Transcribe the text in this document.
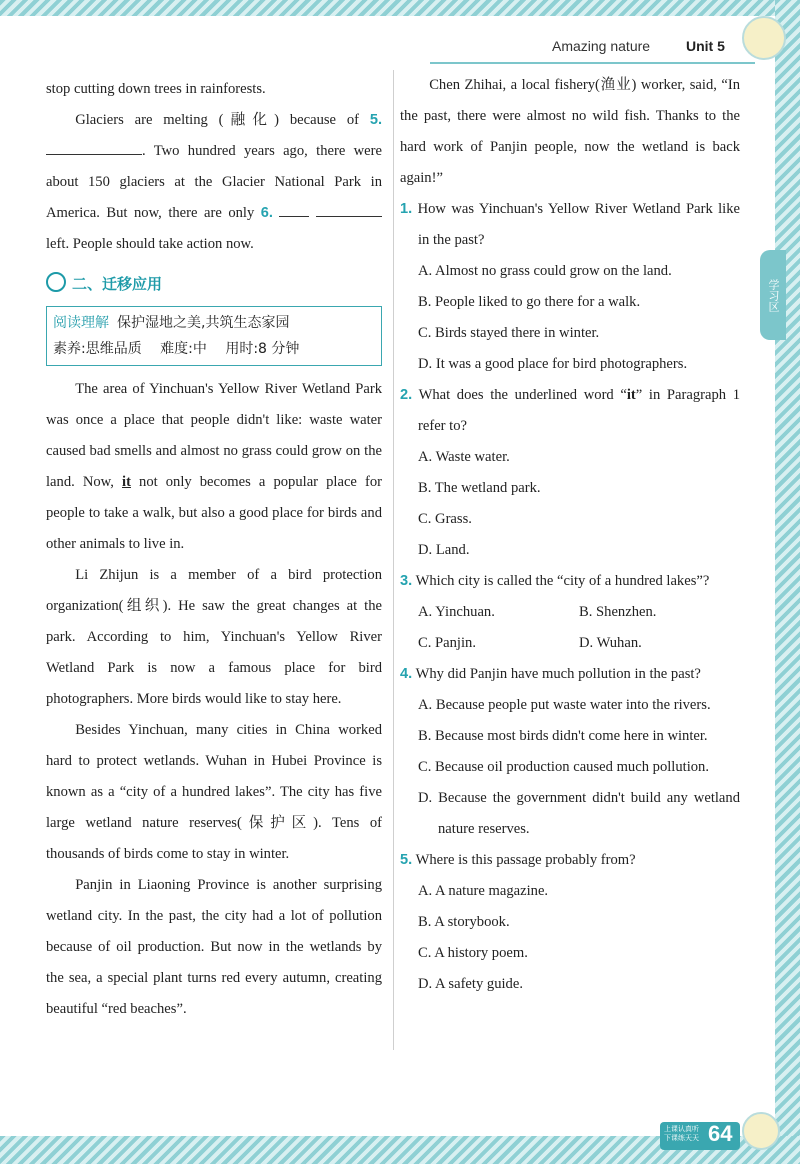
学习区
Amazing nature	Unit 5

stop cutting down trees in rainforests.

Glaciers are melting (融化) because of 5.. Two hundred years ago, there were about 150 glaciers at the Glacier National Park in America. But now, there are only 6.   left. People should take action now.

二、迁移应用
阅读理解 保护湿地之美,共筑生态家园
素养:思维品质　 难度:中　 用时:8 分钟

The area of Yinchuan's Yellow River Wetland Park was once a place that people didn't like: waste water caused bad smells and almost no grass could grow on the land. Now, it not only becomes a popular place for people to take a walk, but also a good place for birds and other animals to live in.

Li Zhijun is a member of a bird protection organization(组织). He saw the great changes at the park. According to him, Yinchuan's Yellow River Wetland Park is now a famous place for bird photographers. More birds would like to stay here.

Besides Yinchuan, many cities in China worked hard to protect wetlands. Wuhan in Hubei Province is known as a “city of a hundred lakes”. The city has five large wetland nature reserves(保护区). Tens of thousands of birds come to stay in winter.

Panjin in Liaoning Province is another surprising wetland city. In the past, the city had a lot of pollution because of oil production. But now in the wetlands by the sea, a special plant turns red every autumn, creating beautiful “red beaches”.

Chen Zhihai, a local fishery(渔业) worker, said, “In the past, there were almost no wild fish. Thanks to the hard work of Panjin people, now the wetland is back again!”

1. How was Yinchuan's Yellow River Wetland Park like in the past?

A. Almost no grass could grow on the land.

B. People liked to go there for a walk.

C. Birds stayed there in winter.

D. It was a good place for bird photographers.

2. What does the underlined word “it” in Paragraph 1 refer to?

A. Waste water.

B. The wetland park.

C. Grass.

D. Land.

3. Which city is called the “city of a hundred lakes”?

A. Yinchuan.	B. Shenzhen.
C. Panjin.	D. Wuhan.

4. Why did Panjin have much pollution in the past?

A. Because people put waste water into the rivers.

B. Because most birds didn't come here in winter.

C. Because oil production caused much pollution.

D. Because the government didn't build any wetland nature reserves.

5. Where is this passage probably from?

A. A nature magazine.

B. A storybook.

C. A history poem.

D. A safety guide.

上课认真听 下课练天天 64
